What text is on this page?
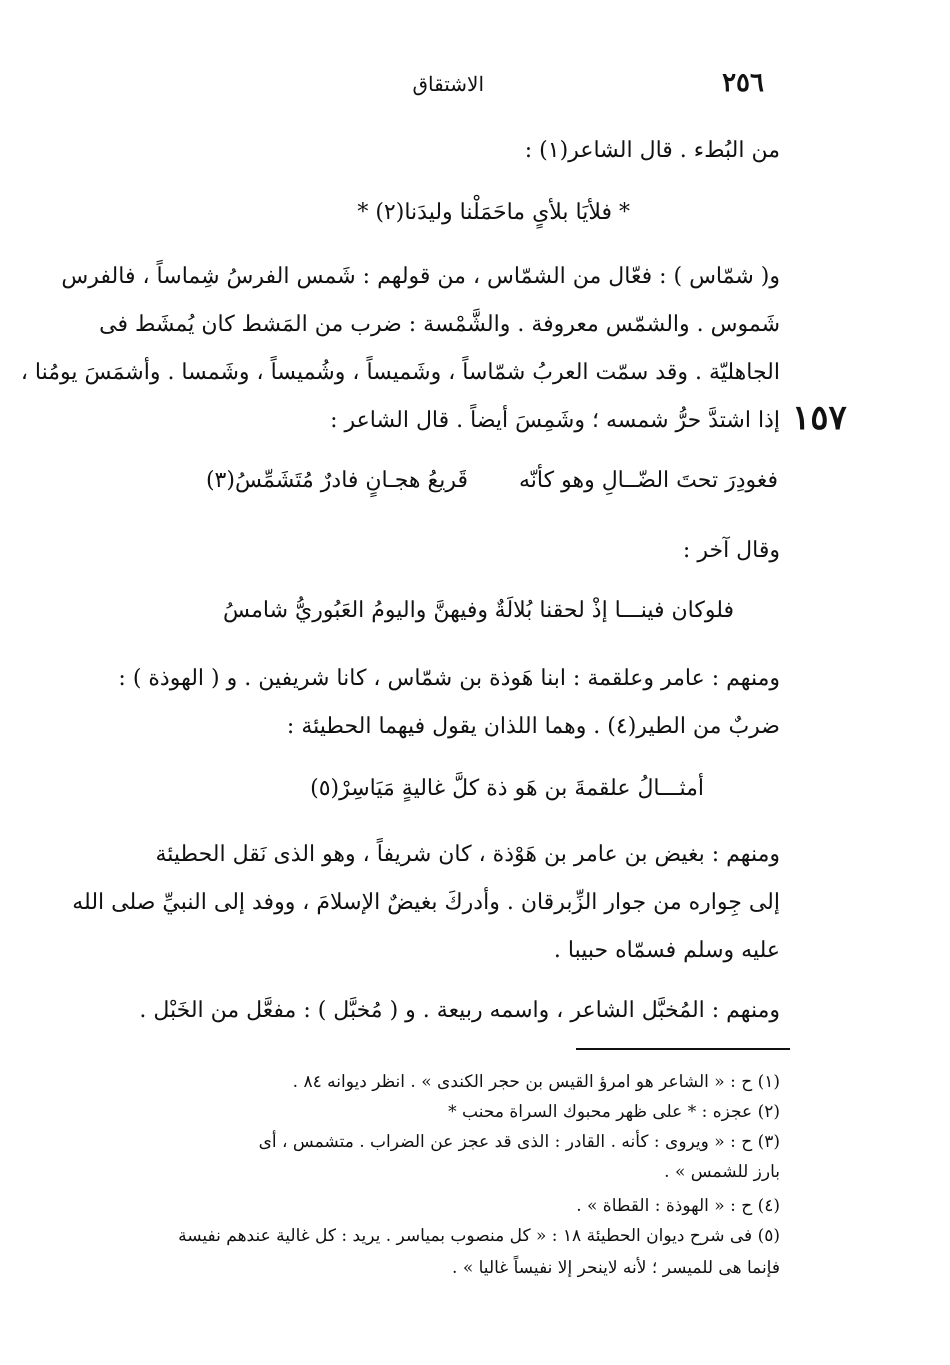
٢٥٦
الاشتقاق
١٥٧
من البُطء . قال الشاعر(١) :
* فلأيَا بلأىٍ ماحَمَلْنا وليدَنا(٢) *
و( شمّاس ) : فعّال من الشمّاس ، من قولهم : شَمس الفرسُ شِماساً ، فالفرس
شَموس . والشمّس معروفة . والشَّمْسة : ضرب من المَشط كان يُمشَط فى
الجاهليّة . وقد سمّت العربُ شمّاساً ، وشَميساً ، وشُميساً ، وشَمسا . وأشمَسَ يومُنا ،
إذا اشتدَّ حرُّ شمسه ؛ وشَمِسَ أيضاً . قال الشاعر :
فغودِرَ تحتَ الضّــالِ وهو كأنّه
قَريعُ هجـانٍ فادرٌ مُتَشَمِّسُ(٣)
وقال آخر :
فلوكان فينـــا إذْ لحقنا بُلالَةٌ
وفيهنَّ واليومُ العَبُوريُّ شامسُ
ومنهم : عامر وعلقمة : ابنا هَوذة بن شمّاس ، كانا شريفين . و ( الهوذة ) :
ضربٌ من الطير(٤) . وهما اللذان يقول فيهما الحطيئة :
أمثـــالُ علقمةَ بن هَو ذة كلَّ غاليةٍ مَيَاسِرْ(٥)
ومنهم : بغيض بن عامر بن هَوْذة ، كان شريفاً ، وهو الذى نَقل الحطيئة
إلى جِواره من جوار الزِّبرقان . وأدركَ بغيضٌ الإسلامَ ، ووفد إلى النبيِّ صلى الله
عليه وسلم فسمّاه حبيبا .
ومنهم : المُخبَّل الشاعر ، واسمه ربيعة . و ( مُخبَّل ) : مفعَّل من الخَبْل .
(١) ح : « الشاعر هو امرؤ القيس بن حجر الكندى » . انظر ديوانه ٨٤ .
(٢) عجزه : * على ظهر محبوك السراة محنب *
(٣) ح : « ويروى : كأنه . القادر : الذى قد عجز عن الضراب . متشمس ، أى
بارز للشمس » .
(٤) ح : « الهوذة : القطاة » .
(٥) فى شرح ديوان الحطيئة ١٨ : « كل منصوب بمياسر . يريد : كل غالية عندهم نفيسة
فإنما هى للميسر ؛ لأنه لاينحر إلا نفيساً غاليا » .
